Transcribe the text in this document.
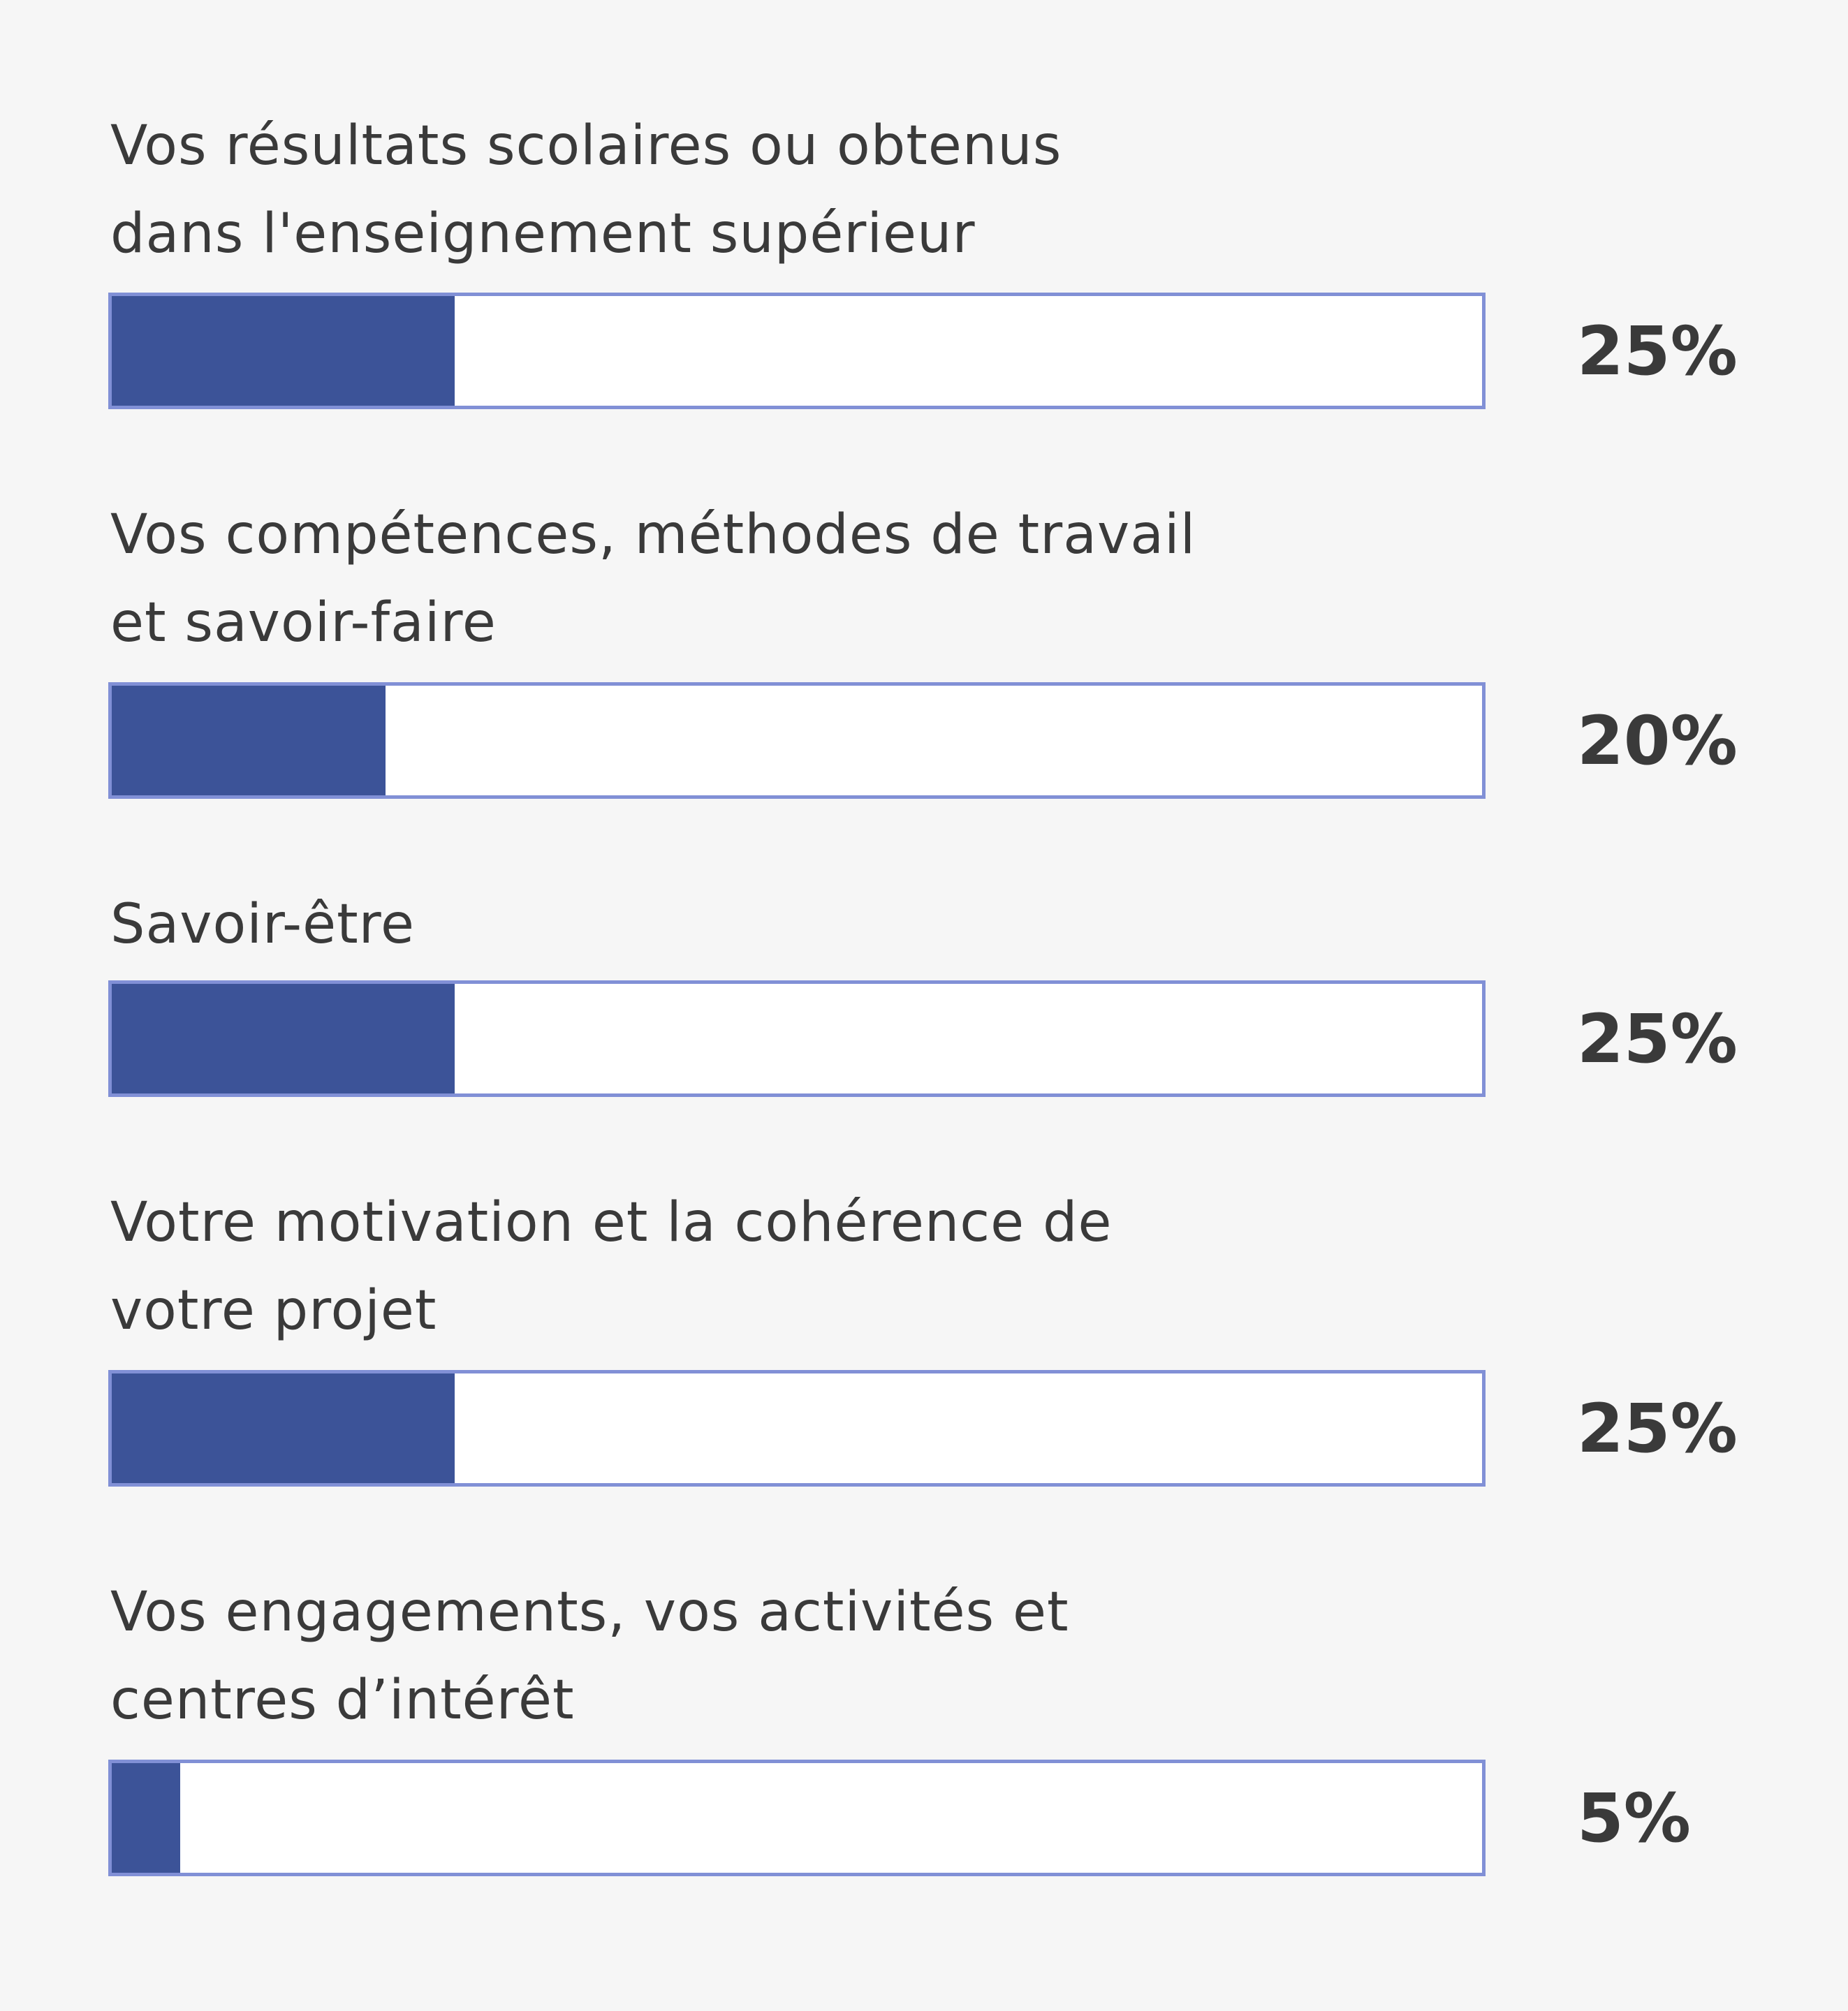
Vos résultats scolaires ou obtenus
dans l'enseignement supérieur
25%
Vos compétences, méthodes de travail
et savoir-faire
20%
Savoir-être
25%
Votre motivation et la cohérence de
votre projet
25%
Vos engagements, vos activités et
centres d’intérêt
5%
